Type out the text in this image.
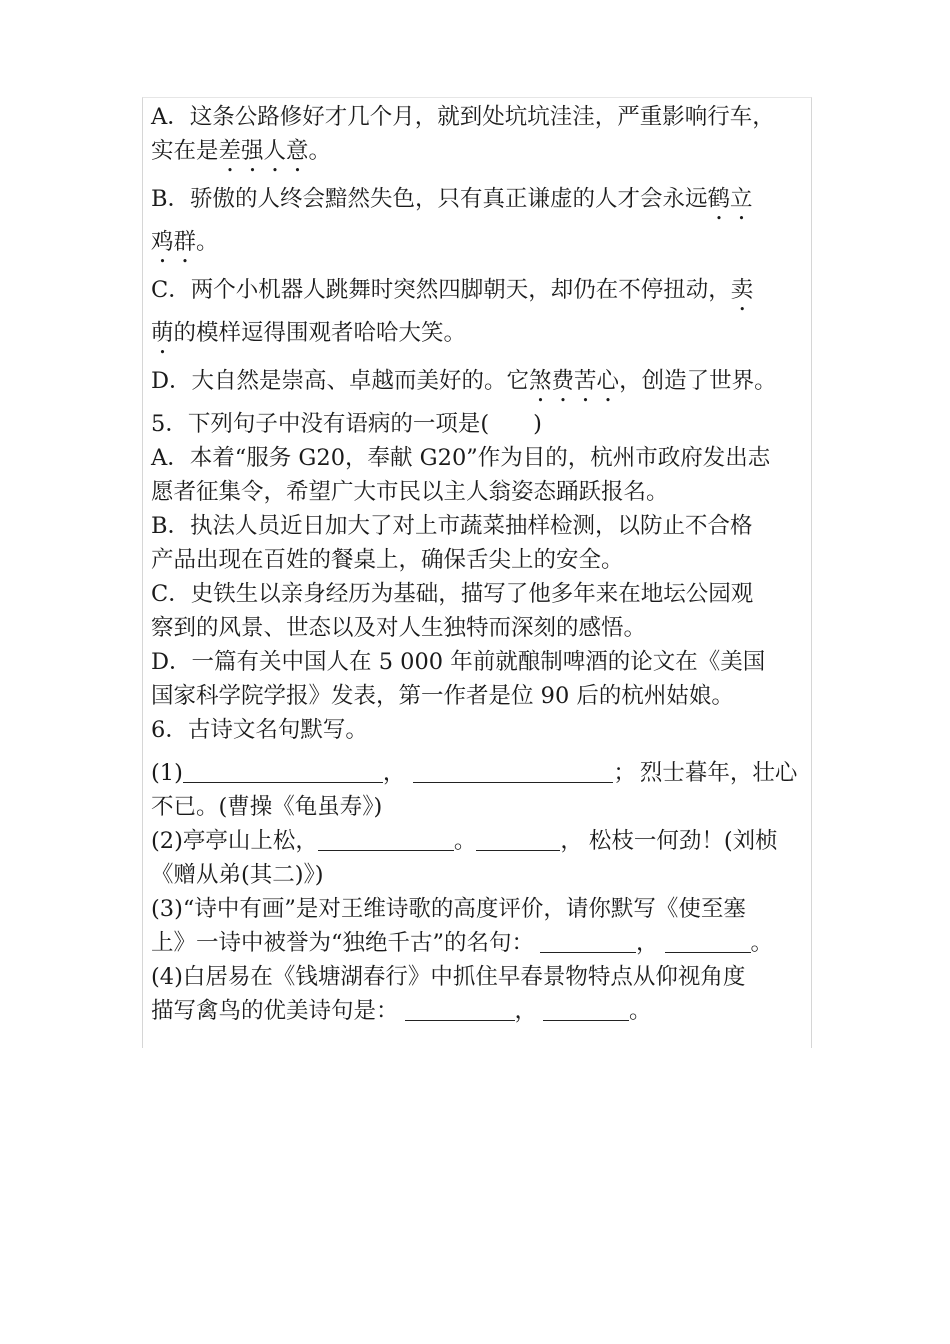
A．这条公路修好才几个月，就到处坑坑洼洼，严重影响行车，
实在是差强人意。
B．骄傲的人终会黯然失色，只有真正谦虚的人才会永远鹤立
鸡群。
C．两个小机器人跳舞时突然四脚朝天，却仍在不停扭动，卖
萌的模样逗得围观者哈哈大笑。
D．大自然是崇高、卓越而美好的。它煞费苦心，创造了世界。
5．下列句子中没有语病的一项是( )
A．本着“服务 G20，奉献 G20”作为目的，杭州市政府发出志
愿者征集令，希望广大市民以主人翁姿态踊跃报名。
B．执法人员近日加大了对上市蔬菜抽样检测，以防止不合格
产品出现在百姓的餐桌上，确保舌尖上的安全。
C．史铁生以亲身经历为基础，描写了他多年来在地坛公园观
察到的风景、世态以及对人生独特而深刻的感悟。
D．一篇有关中国人在 5 000 年前就酿制啤酒的论文在《美国
国家科学院学报》发表，第一作者是位 90 后的杭州姑娘。
6．古诗文名句默写。
(1)	，	； 烈士暮年，壮心
不已。(曹操《龟虽寿》)
(2)亭亭山上松，	。	， 松枝一何劲！(刘桢
《赠从弟(其二)》)
(3)“诗中有画”是对王维诗歌的高度评价，请你默写《使至塞
上》一诗中被誉为“独绝千古”的名句：	，	。
(4)白居易在《钱塘湖春行》中抓住早春景物特点从仰视角度
描写禽鸟的优美诗句是：	，	。
